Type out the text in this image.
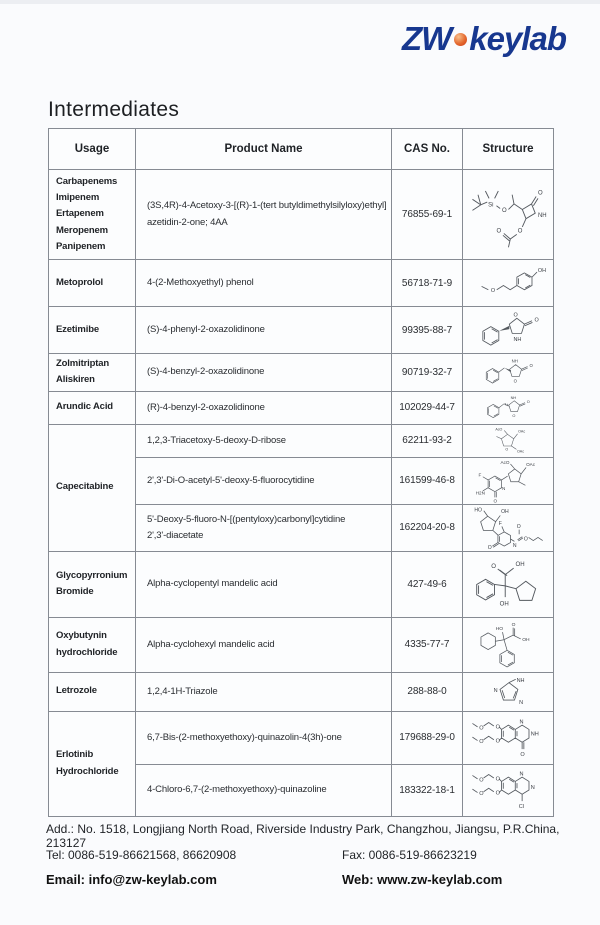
ZW keylab
Intermediates
Usage	Product Name	CAS No.	Structure

Carbapenems
Imipenem
Ertapenem
Meropenem
Panipenem

(3S,4R)-4-Acetoxy-3-[(R)-1-(tert butyldimethylsilyloxy)ethyl]
azetidin-2-one; 4AA
	76855-69-1	
Si
O
O
NH
O
O

Metoprolol	4-(2-Methoxyethyl) phenol	56718-71-9	OH
O

Ezetimibe	(S)-4-phenyl-2-oxazolidinone	99395-88-7	O
O
NH

Zolmitriptan
Aliskiren

(S)-4-benzyl-2-oxazolidinone	90719-32-7	
NH
O
O

Arundic Acid	(R)-4-benzyl-2-oxazolidinone	102029-44-7	NH
O
O

Capecitabine	1,2,3-Triacetoxy-5-deoxy-D-ribose	62211-93-2	O
AcO
OAc
OAc

2',3'-Di-O-acetyl-5'-deoxy-5-fluorocytidine	161599-46-8	
F
H2N
O
N
AcO	OAc

5'-Deoxy-5-fluoro-N-[(pentyloxy)carbonyl]cytidine
2',3'-diacetate
	162204-20-8	
HO	OH
O
F
N
O
O

Glycopyrronium
Bromide

Alpha-cyclopentyl mandelic acid	427-49-6	
O	OH
OH

Oxybutynin
hydrochloride

Alpha-cyclohexyl mandelic acid	4335-77-7	
HO
O
OH

Letrozole	1,2,4-1H-Triazole	288-88-0	NH
N
N

Erlotinib
Hydrochloride

6,7-Bis-(2-methoxyethoxy)-quinazolin-4(3h)-one	179688-29-0	
O O
O O
N
NH
O

4-Chloro-6,7-(2-methoxyethoxy)-quinazoline	183322-18-1	
O O
O O
N
N
Cl
Add.: No. 1518, Longjiang North Road, Riverside Industry Park, Changzhou, Jiangsu, P.R.China, 213127
Tel: 0086-519-86621568, 86620908	Fax: 0086-519-86623219
Email: info@zw-keylab.com	Web: www.zw-keylab.com
